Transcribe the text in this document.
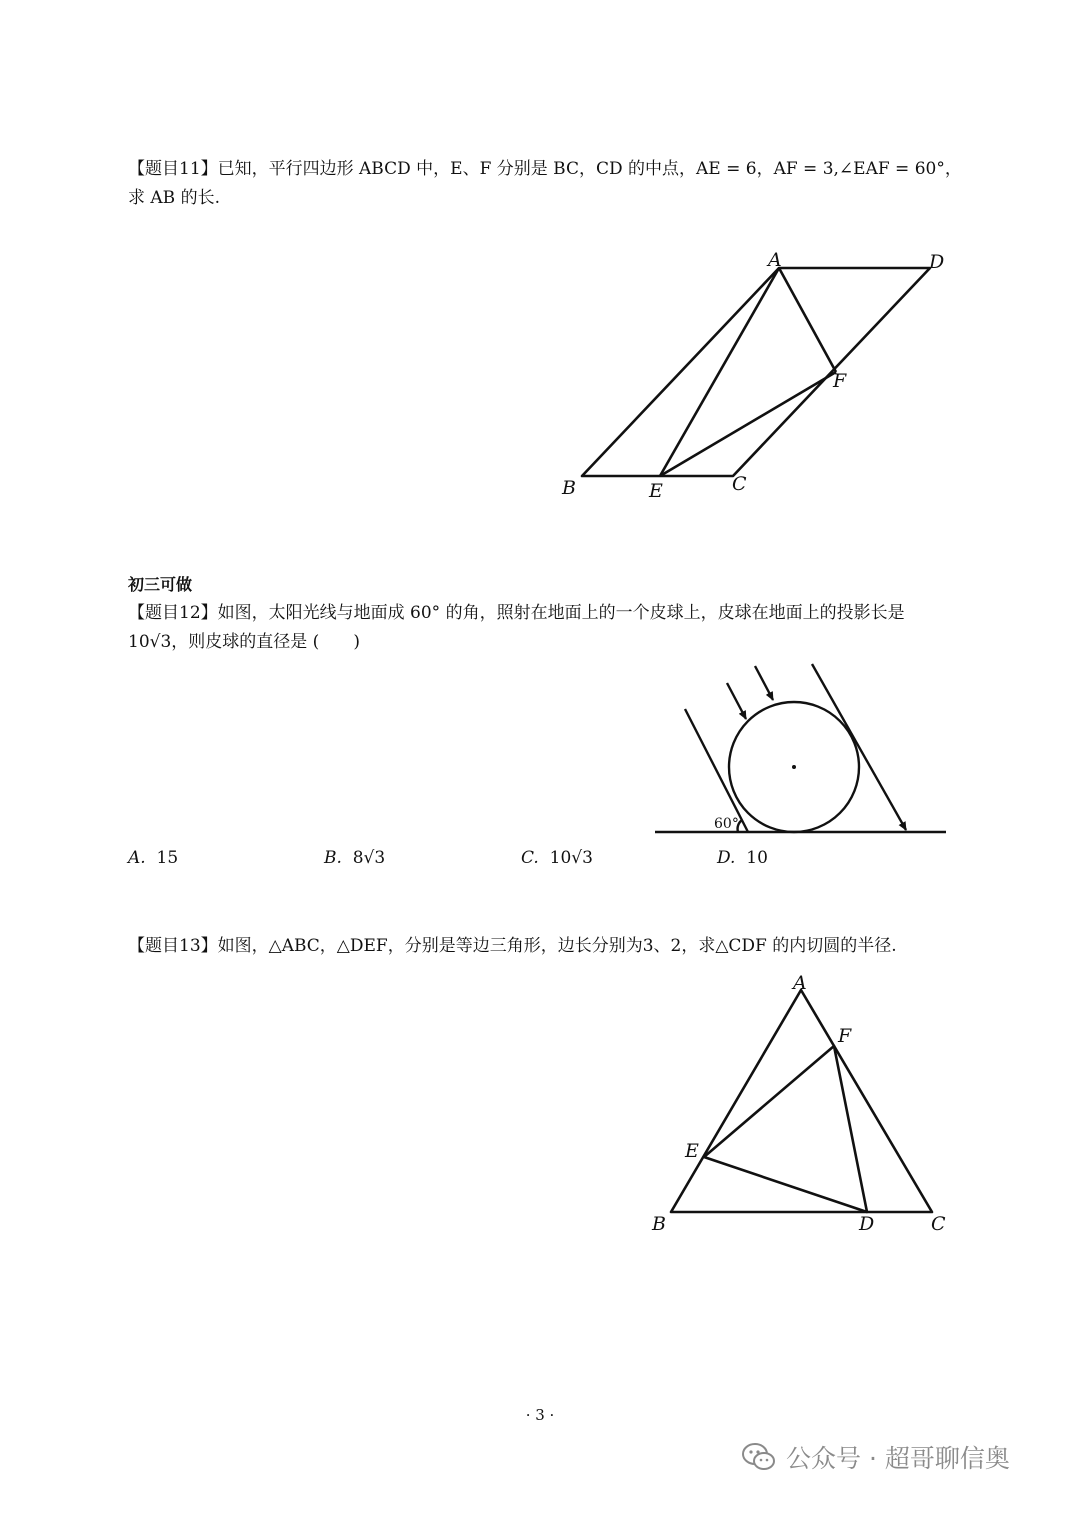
【题目11】已知，平行四边形 ABCD 中，E、F 分别是 BC，CD 的中点，AE = 6，AF = 3,∠EAF = 60°，
求 AB 的长.
A	D
F
B	E	C
初三可做
【题目12】如图，太阳光线与地面成 60° 的角，照射在地面上的一个皮球上，皮球在地面上的投影长是
10√3，则皮球的直径是 (　　)
60°
A. 15	B. 8√3	C. 10√3	D. 10
【题目13】如图，△ABC，△DEF，分别是等边三角形，边长分别为3、2，求△CDF 的内切圆的半径.
A
F
E
B	D	C
· 3 ·
公众号 · 超哥聊信奥
